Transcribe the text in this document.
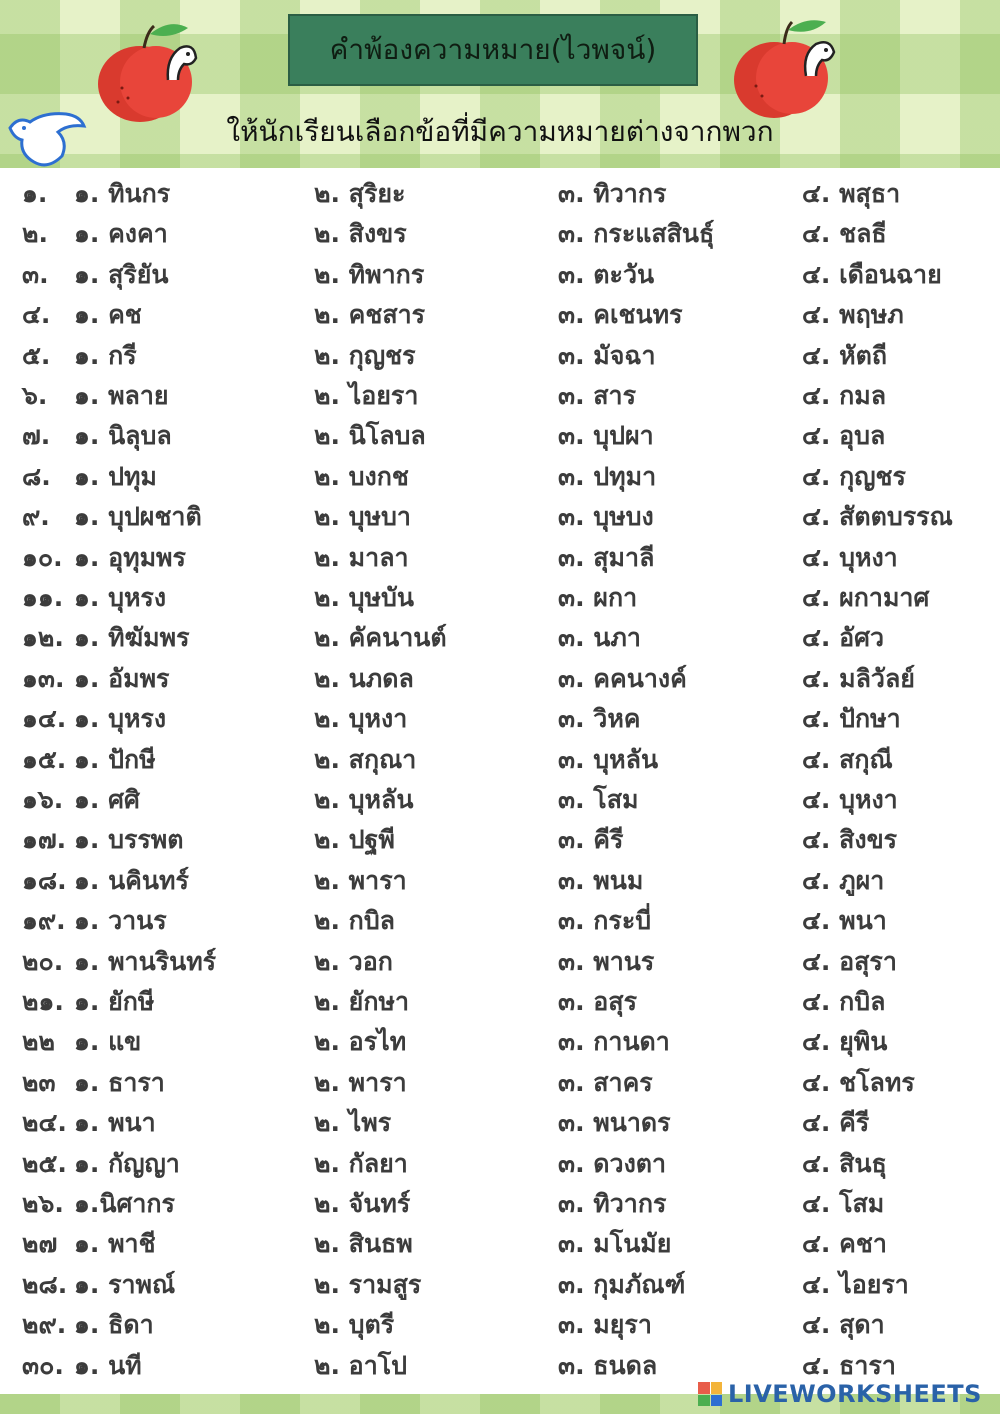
คำพ้องความหมาย(ไวพจน์)
ให้นักเรียนเลือกข้อที่มีความหมายต่างจากพวก
๑. ๑. ทินกร	๒. สุริยะ	๓. ทิวากร	๔. พสุธา
๒. ๑. คงคา	๒. สิงขร	๓. กระแสสินธุ์	๔. ชลธี
๓. ๑. สุริยัน	๒. ทิพากร	๓. ตะวัน	๔. เดือนฉาย
๔. ๑. คช	๒. คชสาร	๓. คเชนทร	๔. พฤษภ
๕. ๑. กรี	๒. กุญชร	๓. มัจฉา	๔. หัตถี
๖. ๑. พลาย	๒. ไอยรา	๓. สาร	๔. กมล
๗. ๑. นิลุบล	๒. นิโลบล	๓. บุปผา	๔. อุบล
๘. ๑. ปทุม	๒. บงกช	๓. ปทุมา	๔. กุญชร
๙. ๑. บุปผชาติ	๒. บุษบา	๓. บุษบง	๔. สัตตบรรณ
๑๐. ๑. อุทุมพร	๒. มาลา	๓. สุมาลี	๔. บุหงา
๑๑. ๑. บุหรง	๒. บุษบัน	๓. ผกา	๔. ผกามาศ
๑๒. ๑. ทิฆัมพร	๒. คัคนานต์	๓. นภา	๔. อัศว
๑๓. ๑. อัมพร	๒. นภดล	๓. คคนางค์	๔. มลิวัลย์
๑๔. ๑. บุหรง	๒. บุหงา	๓. วิหค	๔. ปักษา
๑๕. ๑. ปักษี	๒. สกุณา	๓. บุหลัน	๔. สกุณี
๑๖. ๑. ศศิ	๒. บุหลัน	๓. โสม	๔. บุหงา
๑๗. ๑. บรรพต	๒. ปฐพี	๓. คีรี	๔. สิงขร
๑๘. ๑. นคินทร์	๒. พารา	๓. พนม	๔. ภูผา
๑๙. ๑. วานร	๒. กบิล	๓. กระบี่	๔. พนา
๒๐. ๑. พานรินทร์	๒. วอก	๓. พานร	๔. อสุรา
๒๑. ๑. ยักษี	๒. ยักษา	๓. อสุร	๔. กบิล
๒๒ ๑. แข	๒. อรไท	๓. กานดา	๔. ยุพิน
๒๓ ๑. ธารา	๒. พารา	๓. สาคร	๔. ชโลทร
๒๔. ๑. พนา	๒. ไพร	๓. พนาดร	๔. คีรี
๒๕. ๑. กัญญา	๒. กัลยา	๓. ดวงตา	๔. สินธุ
๒๖. ๑.นิศากร	๒. จันทร์	๓. ทิวากร	๔. โสม
๒๗ ๑. พาชี	๒. สินธพ	๓. มโนมัย	๔. คชา
๒๘. ๑. ราพณ์	๒. รามสูร	๓. กุมภัณฑ์	๔. ไอยรา
๒๙. ๑. ธิดา	๒. บุตรี	๓. มยุรา	๔. สุดา
๓๐. ๑. นที	๒. อาโป	๓. ธนดล	๔. ธารา
LIVEWORKSHEETS
